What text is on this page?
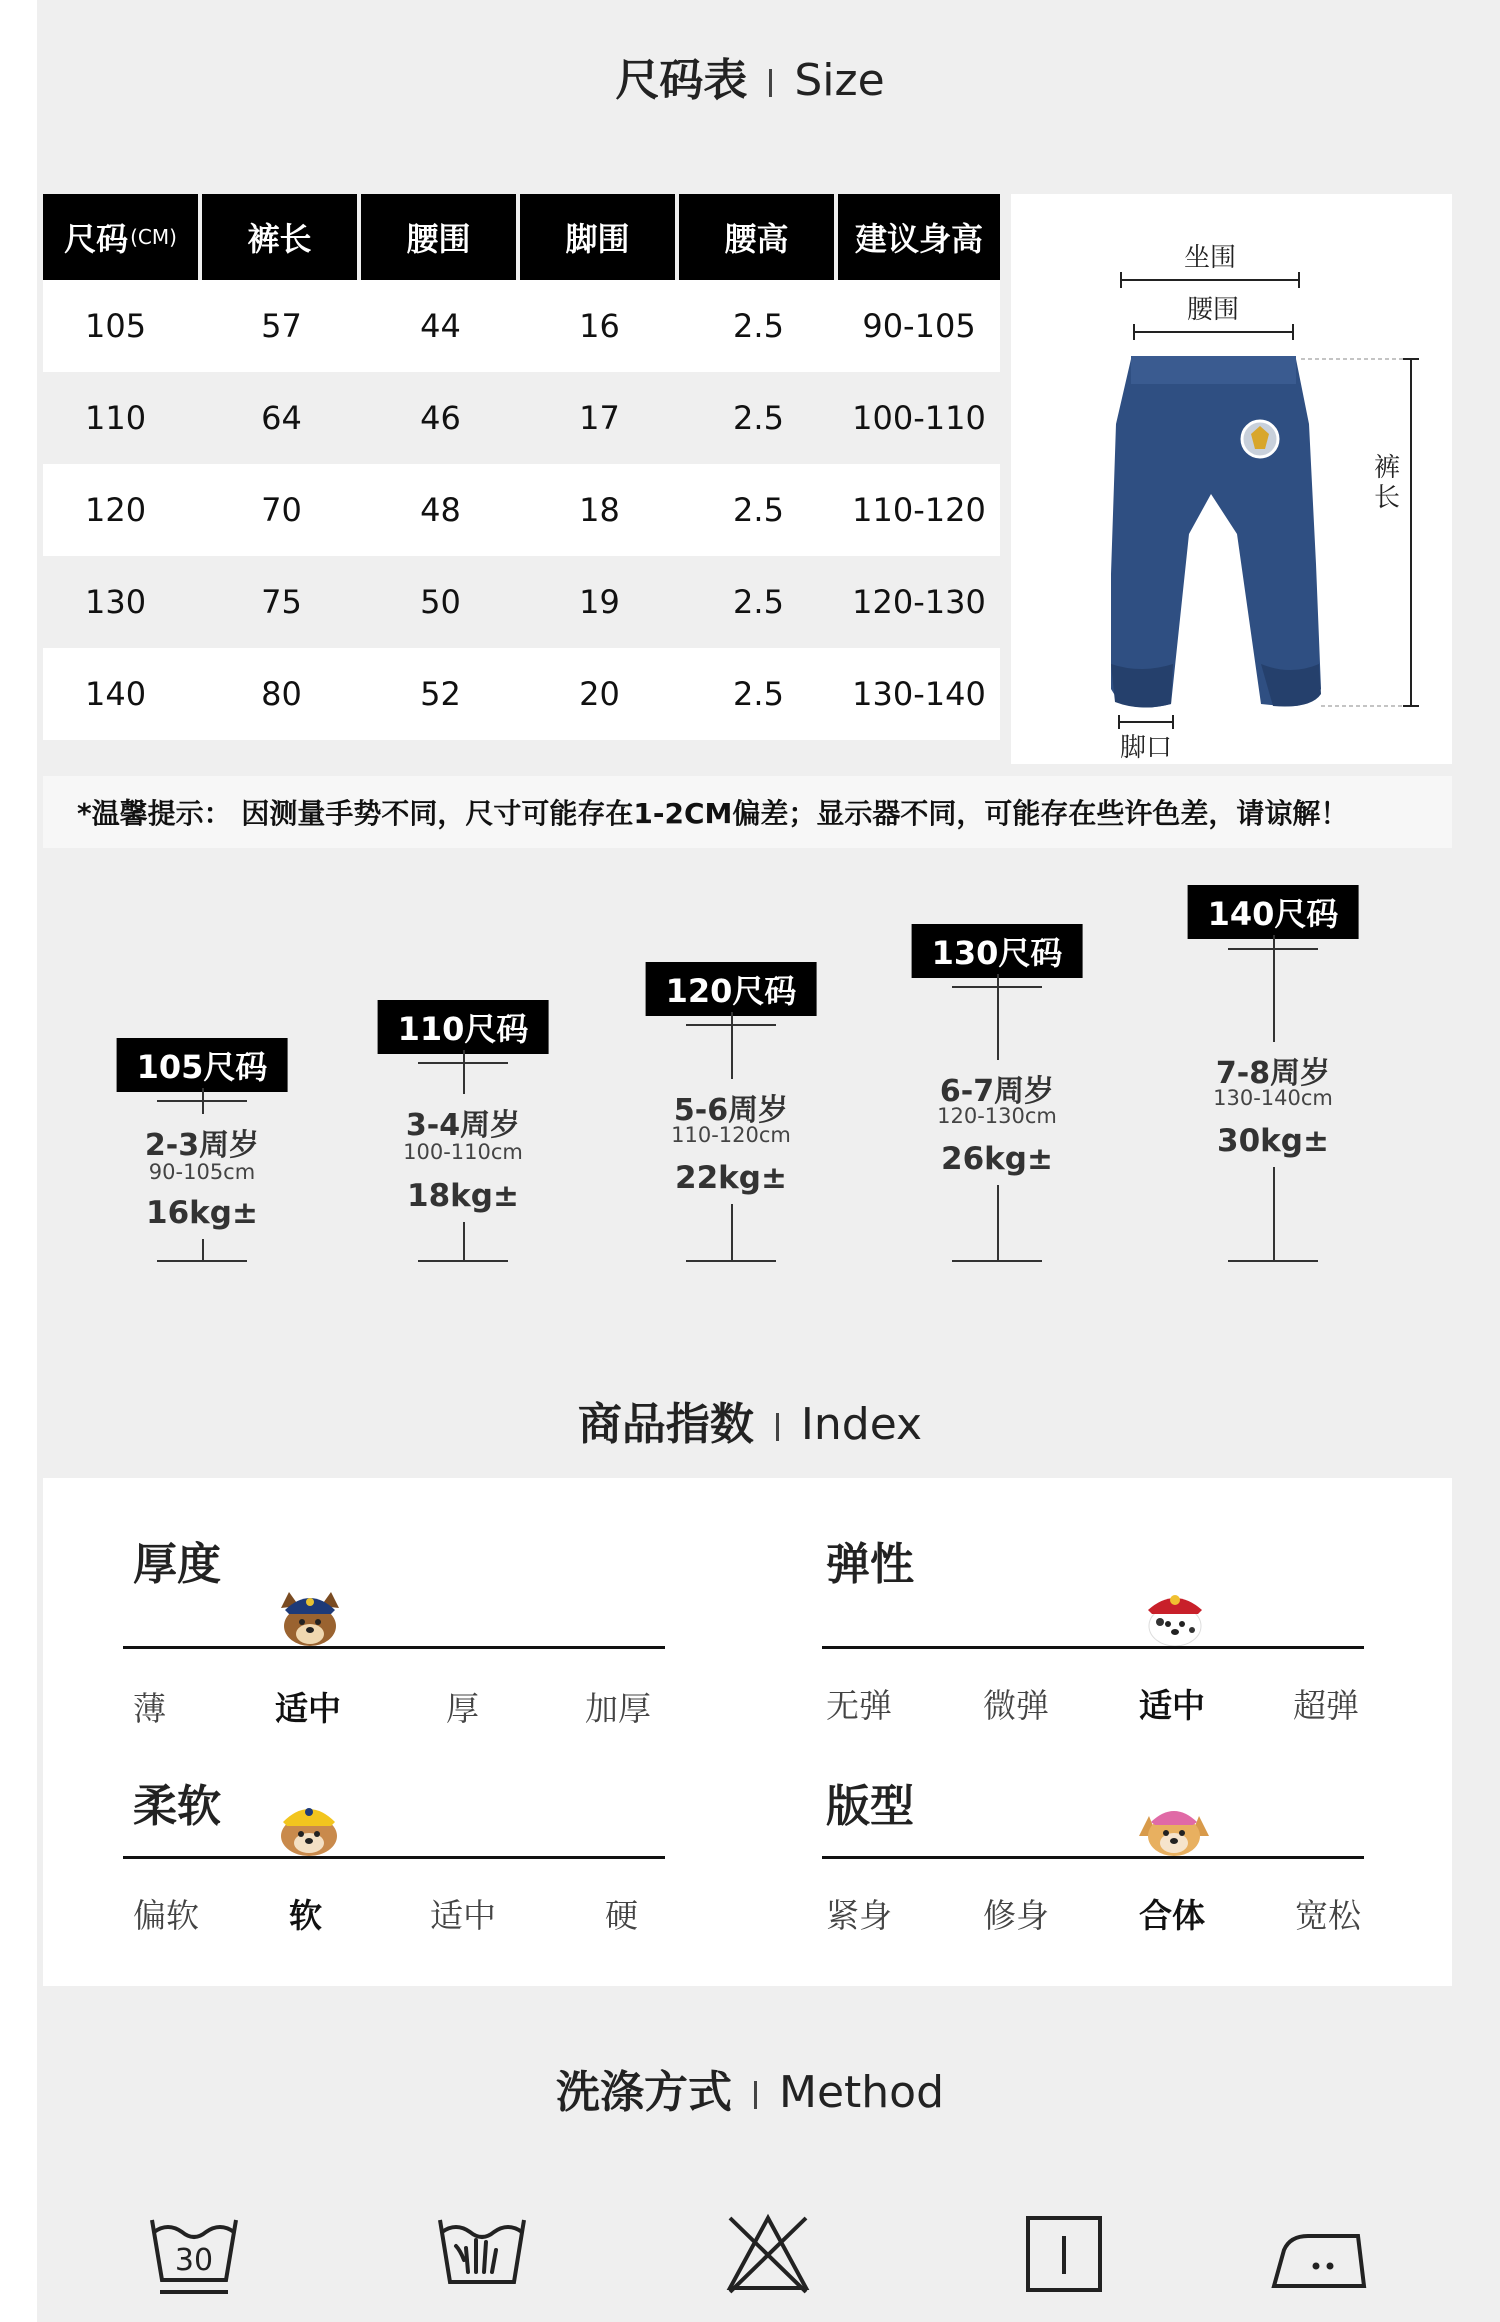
尺码表 Size
尺码 (CM)	裤长	腰围	脚围	腰高	建议身高
105	57	44	16	2.5	90-105
110	64	46	17	2.5	100-110
120	70	48	18	2.5	110-120
130	75	50	19	2.5	120-130
140	80	52	20	2.5	130-140
坐围
腰围
裤
长
脚口
*温馨提示： 因测量手势不同，尺寸可能存在1-2CM偏差；显示器不同，可能存在些许色差，请谅解！
105尺码
2-3周岁
90-105cm
16kg±
110尺码
3-4周岁
100-110cm
18kg±
120尺码
5-6周岁
110-120cm
22kg±
130尺码
6-7周岁
120-130cm
26kg±
140尺码
7-8周岁
130-140cm
30kg±
商品指数 Index
厚度
薄	适中	厚	加厚
弹性
无弹	微弹	适中	超弹
柔软
偏软	软	适中	硬
版型
紧身	修身	合体	宽松
洗涤方式 Method
30
